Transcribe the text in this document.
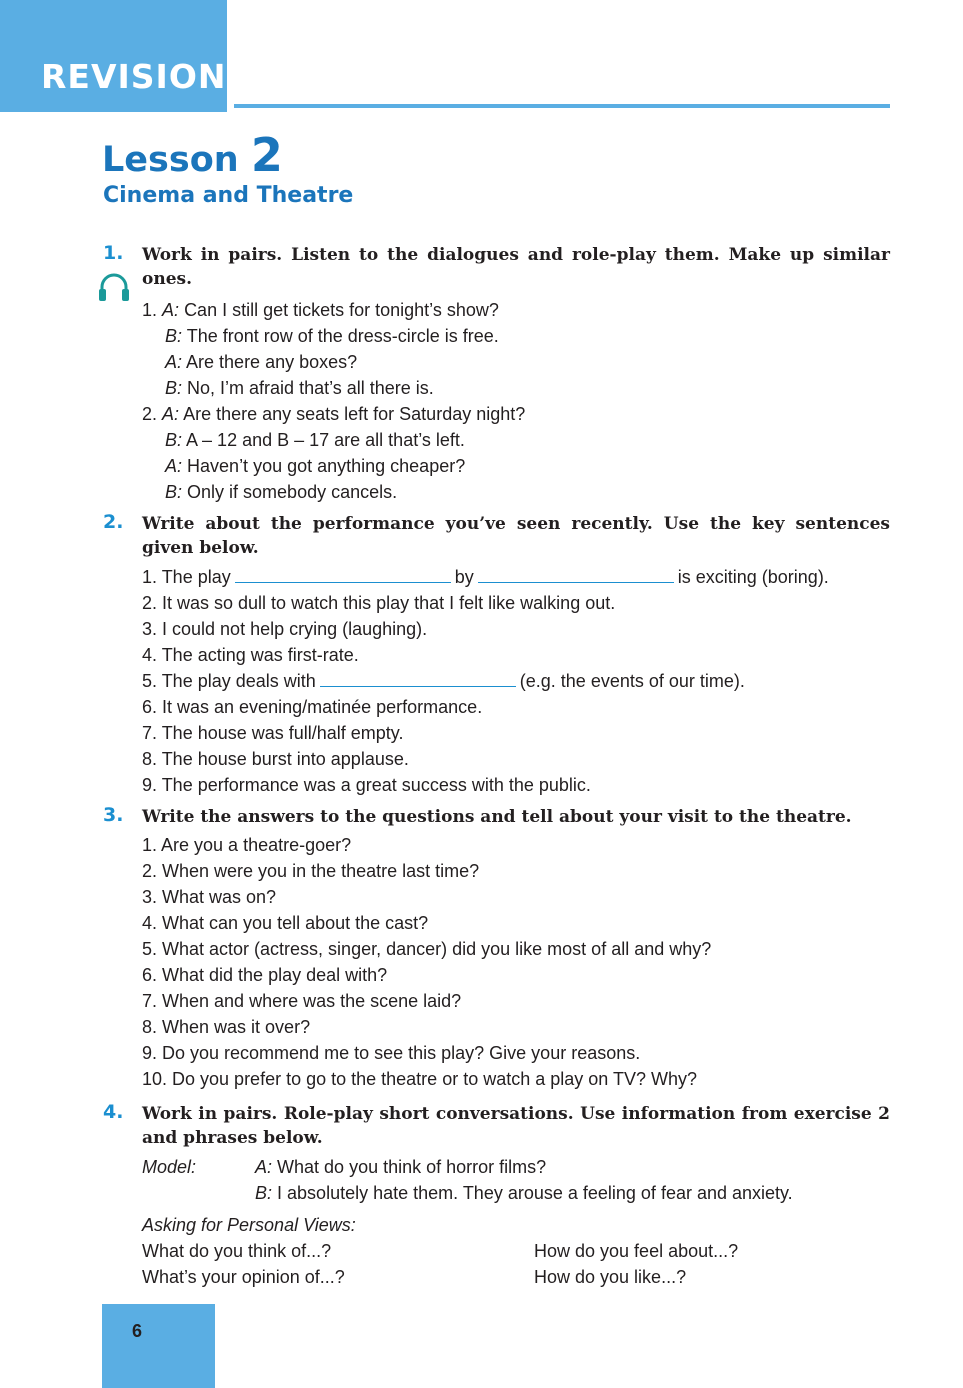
REVISION
Lesson 2
Cinema and Theatre
1. Work in pairs. Listen to the dialogues and role-play them. Make up similar ones.
1. A: Can I still get tickets for tonight’s show?
B: The front row of the dress-circle is free.
A: Are there any boxes?
B: No, I’m afraid that’s all there is.
2. A: Are there any seats left for Saturday night?
B: A – 12 and B – 17 are all that’s left.
A: Haven’t you got anything cheaper?
B: Only if somebody cancels.
2. Write about the performance you’ve seen recently. Use the key sentences given below.
1. The play	by	is exciting (boring).
2. It was so dull to watch this play that I felt like walking out.
3. I could not help crying (laughing).
4. The acting was first-rate.
5. The play deals with	(e.g. the events of our time).
6. It was an evening/matinée performance.
7. The house was full/half empty.
8. The house burst into applause.
9. The performance was a great success with the public.
3. Write the answers to the questions and tell about your visit to the theatre.
1. Are you a theatre-goer?
2. When were you in the theatre last time?
3. What was on?
4. What can you tell about the cast?
5. What actor (actress, singer, dancer) did you like most of all and why?
6. What did the play deal with?
7. When and where was the scene laid?
8. When was it over?
9. Do you recommend me to see this play? Give your reasons.
10. Do you prefer to go to the theatre or to watch a play on TV? Why?
4. Work in pairs. Role-play short conversations. Use information from exercise 2 and phrases below.
Model:	A: What do you think of horror films?
B: I absolutely hate them. They arouse a feeling of fear and anxiety.
Asking for Personal Views:
What do you think of...?	How do you feel about...?
What’s your opinion of...?	How do you like...?
6
